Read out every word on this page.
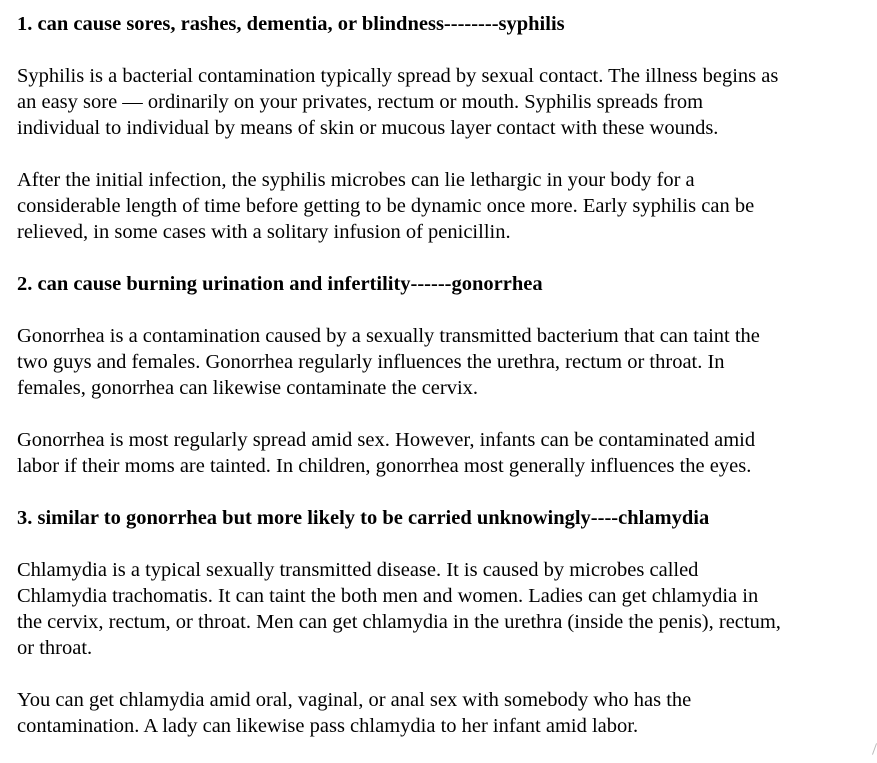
1. can cause sores, rashes, dementia, or blindness--------syphilis
Syphilis is a bacterial contamination typically spread by sexual contact. The illness begins as
an easy sore — ordinarily on your privates, rectum or mouth. Syphilis spreads from
individual to individual by means of skin or mucous layer contact with these wounds.
After the initial infection, the syphilis microbes can lie lethargic in your body for a
considerable length of time before getting to be dynamic once more. Early syphilis can be
relieved, in some cases with a solitary infusion of penicillin.
2. can cause burning urination and infertility------gonorrhea
Gonorrhea is a contamination caused by a sexually transmitted bacterium that can taint the
two guys and females. Gonorrhea regularly influences the urethra, rectum or throat. In
females, gonorrhea can likewise contaminate the cervix.
Gonorrhea is most regularly spread amid sex. However, infants can be contaminated amid
labor if their moms are tainted. In children, gonorrhea most generally influences the eyes.
3. similar to gonorrhea but more likely to be carried unknowingly----chlamydia
Chlamydia is a typical sexually transmitted disease. It is caused by microbes called
Chlamydia trachomatis. It can taint the both men and women. Ladies can get chlamydia in
the cervix, rectum, or throat. Men can get chlamydia in the urethra (inside the penis), rectum,
or throat.
You can get chlamydia amid oral, vaginal, or anal sex with somebody who has the
contamination. A lady can likewise pass chlamydia to her infant amid labor.
